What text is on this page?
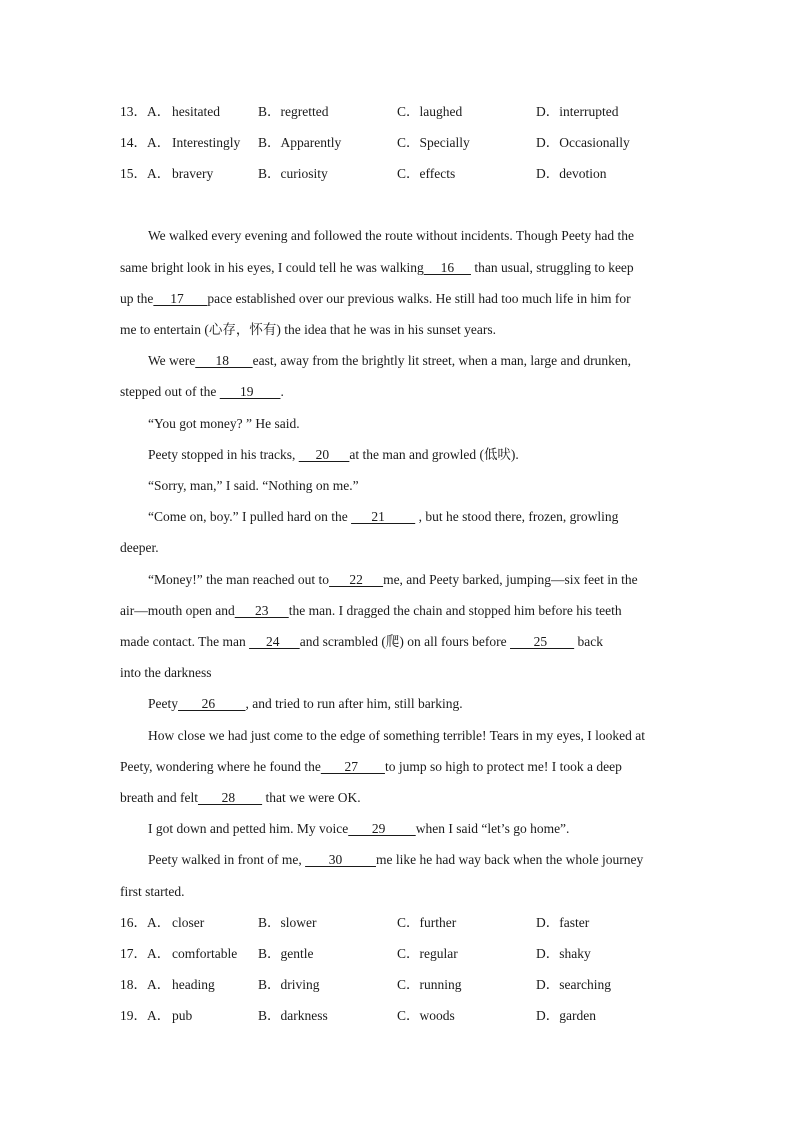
13．A． hesitated	B．regretted	C．laughed	D．interrupted
14．A． Interestingly B．Apparently	C．Specially	D．Occasionally
15．A． bravery	B．curiosity	C．effects	D．devotion
We walked every evening and followed the route without incidents. Though Peety had the
same bright look in his eyes, I could tell he was walking     16      than usual, struggling to keep
up the     17       pace established over our previous walks. He still had too much life in him for
me to entertain (心存，怀有) the idea that he was in his sunset years.
We were      18       east, away from the brightly lit street, when a man, large and drunken,
stepped out of the       19        .
“You got money? ” He said.
Peety stopped in his tracks,      20      at the man and growled (低吠).
“Sorry, man,” I said. “Nothing on me.”
“Come on, boy.” I pulled hard on the       21          , but he stood there, frozen, growling
deeper.
“Money!” the man reached out to      22      me, and Peety barked, jumping—six feet in the
air—mouth open and      23      the man. I dragged the chain and stopped him before his teeth
made contact. The man      24      and scrambled (爬) on all fours before        25         back
into the darkness
Peety       26         , and tried to run after him, still barking.
How close we had just come to the edge of something terrible! Tears in my eyes, I looked at
Peety, wondering where he found the       27        to jump so high to protect me! I took a deep
breath and felt       28         that we were OK.
I got down and petted him. My voice       29         when I said “let’s go home”.
Peety walked in front of me,        30          me like he had way back when the whole journey
first started.
16．A． closer	B．slower	C．further	D．faster
17．A． comfortable B．gentle	C．regular	D．shaky
18．A． heading	B．driving	C．running	D．searching
19．A． pub	B．darkness	C．woods	D．garden
